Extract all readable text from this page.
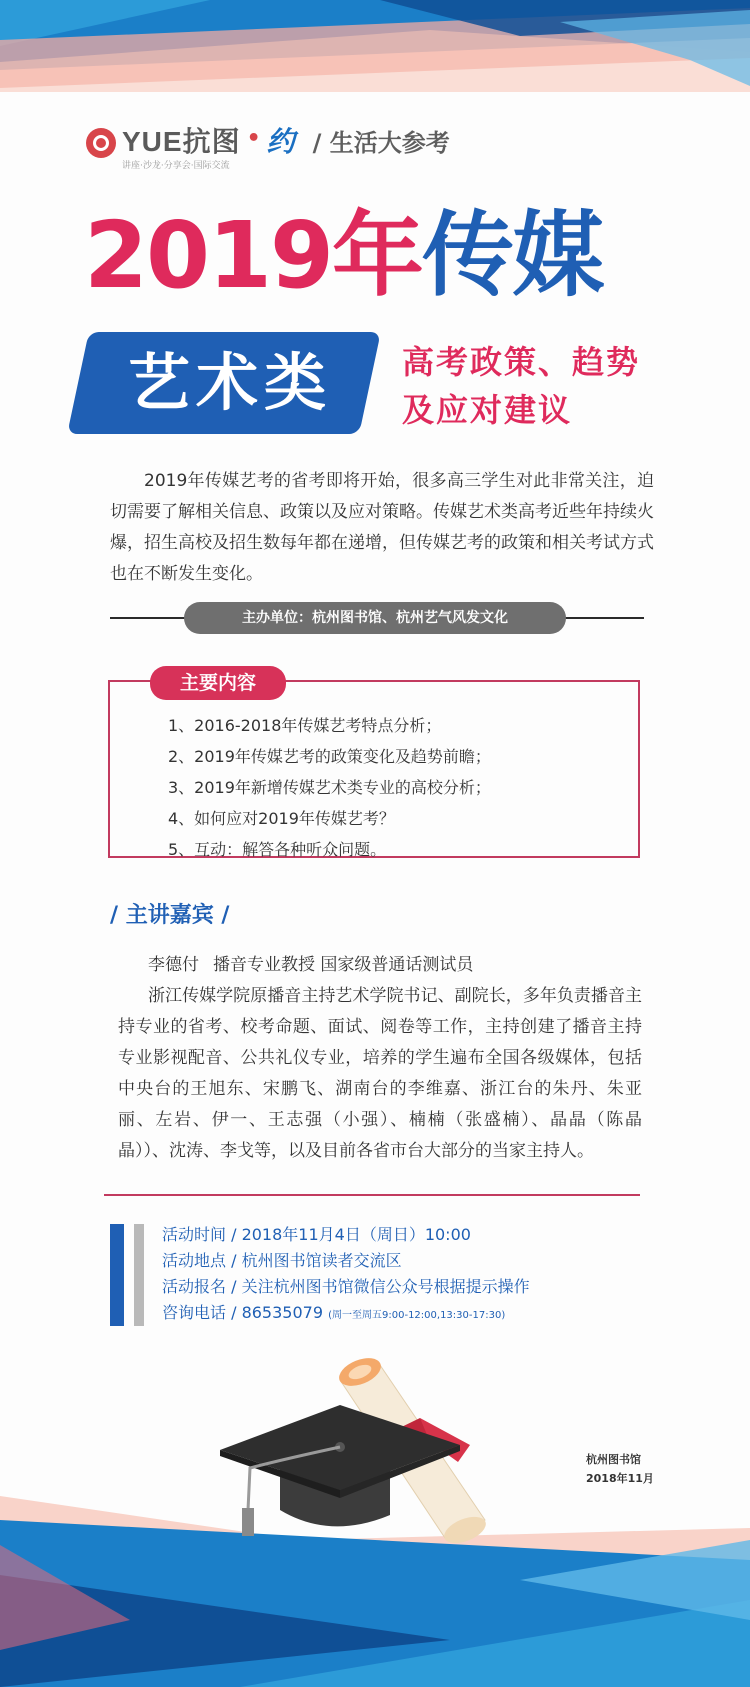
YUE抗图
讲座·沙龙·分享会·国际交流
• 约 / 生活大参考
2019年传媒
艺术类	高考政策、趋势
及应对建议
2019年传媒艺考的省考即将开始，很多高三学生对此非常关注，迫切需要了解相关信息、政策以及应对策略。传媒艺术类高考近些年持续火爆，招生高校及招生数每年都在递增，但传媒艺考的政策和相关考试方式也在不断发生变化。
主办单位：杭州图书馆、杭州艺气风发文化
主要内容
1、2016-2018年传媒艺考特点分析；
2、2019年传媒艺考的政策变化及趋势前瞻；
3、2019年新增传媒艺术类专业的高校分析；
4、如何应对2019年传媒艺考？
5、互动：解答各种听众问题。
/ 主讲嘉宾 /
李德付 播音专业教授 国家级普通话测试员
浙江传媒学院原播音主持艺术学院书记、副院长，多年负责播音主持专业的省考、校考命题、面试、阅卷等工作，主持创建了播音主持专业影视配音、公共礼仪专业，培养的学生遍布全国各级媒体，包括中央台的王旭东、宋鹏飞、湖南台的李维嘉、浙江台的朱丹、朱亚丽、左岩、伊一、王志强（小强）、楠楠（张盛楠）、晶晶（陈晶晶））、沈涛、李戈等，以及目前各省市台大部分的当家主持人。
活动时间 / 2018年11月4日（周日）10:00
活动地点 / 杭州图书馆读者交流区
活动报名 / 关注杭州图书馆微信公众号根据提示操作
咨询电话 / 86535079 (周一至周五9:00-12:00,13:30-17:30)
杭州图书馆
2018年11月
